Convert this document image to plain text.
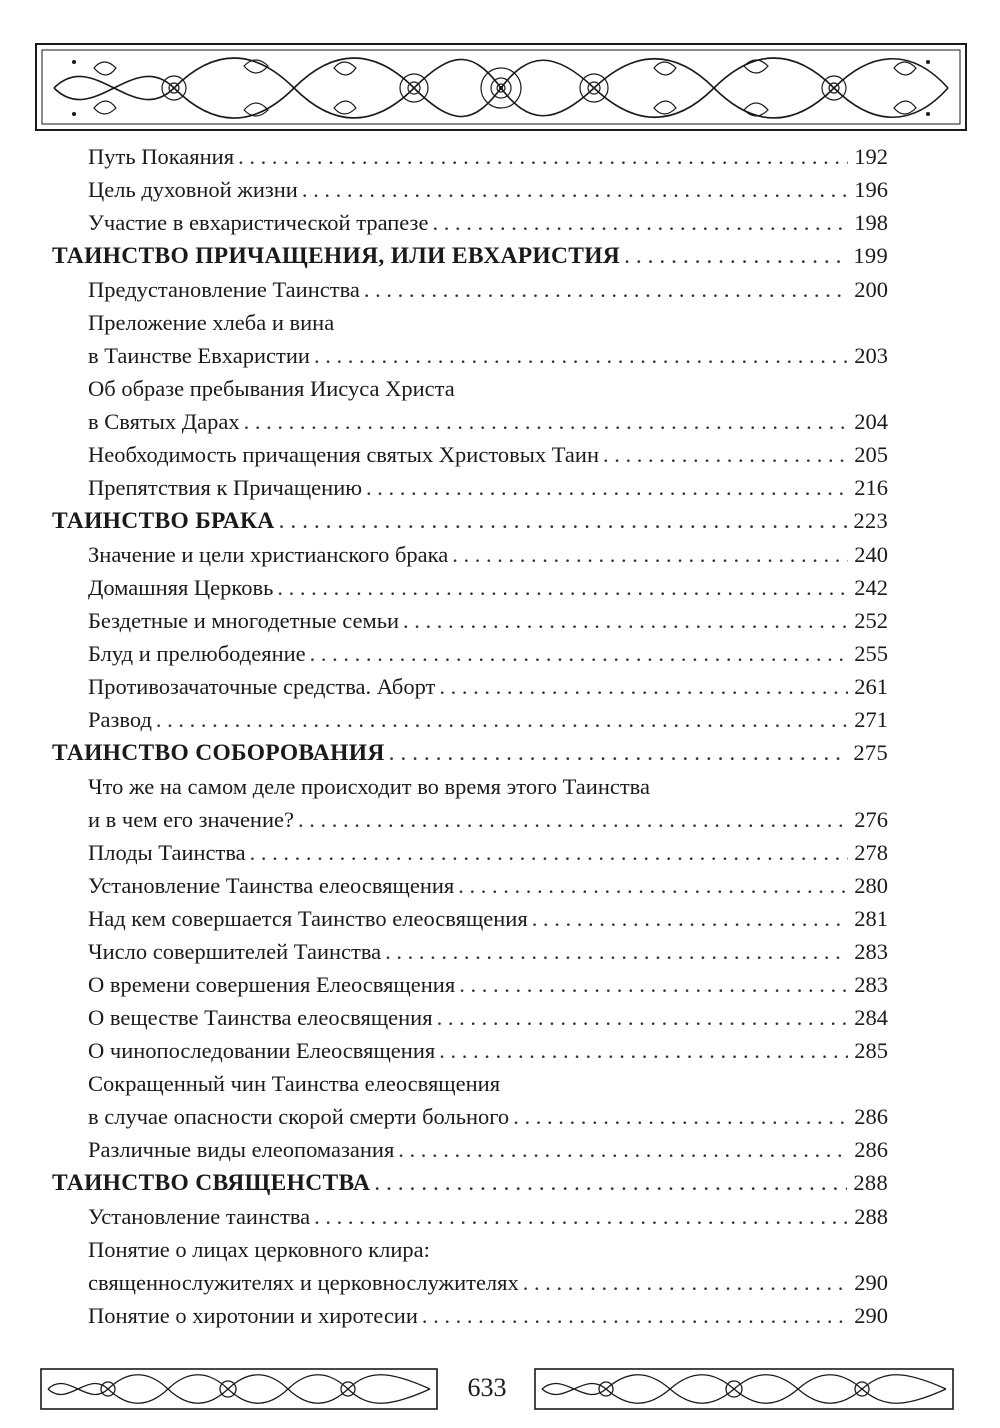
Путь Покаяния . . .	192
Цель духовной жизни . . .	196
Участие в евхаристической трапезе . . .	198
ТАИНСТВО ПРИЧАЩЕНИЯ, ИЛИ ЕВХАРИСТИЯ . . .	199
Предустановление Таинства . . .	200
Преложение хлеба и вина
в Таинстве Евхаристии . . .	203
Об образе пребывания Иисуса Христа
в Святых Дарах . . .	204
Необходимость причащения святых Христовых Таин . . .	205
Препятствия к Причащению . . .	216
ТАИНСТВО БРАКА . . .	223
Значение и цели христианского брака . . .	240
Домашняя Церковь . . .	242
Бездетные и многодетные семьи . . .	252
Блуд и прелюбодеяние . . .	255
Противозачаточные средства. Аборт . . .	261
Развод . . .	271
ТАИНСТВО СОБОРОВАНИЯ . . .	275
Что же на самом деле происходит во время этого Таинства
и в чем его значение? . . .	276
Плоды Таинства . . .	278
Установление Таинства елеосвящения . . .	280
Над кем совершается Таинство елеосвящения . . .	281
Число совершителей Таинства . . .	283
О времени совершения Елеосвящения . . .	283
О веществе Таинства елеосвящения . . .	284
О чинопоследовании Елеосвящения . . .	285
Сокращенный чин Таинства елеосвящения
в случае опасности скорой смерти больного . . .	286
Различные виды елеопомазания . . .	286
ТАИНСТВО СВЯЩЕНСТВА . . .	288
Установление таинства . . .	288
Понятие о лицах церковного клира:
священнослужителях и церковнослужителях . . .	290
Понятие о хиротонии и хиротесии . . .	290
633
